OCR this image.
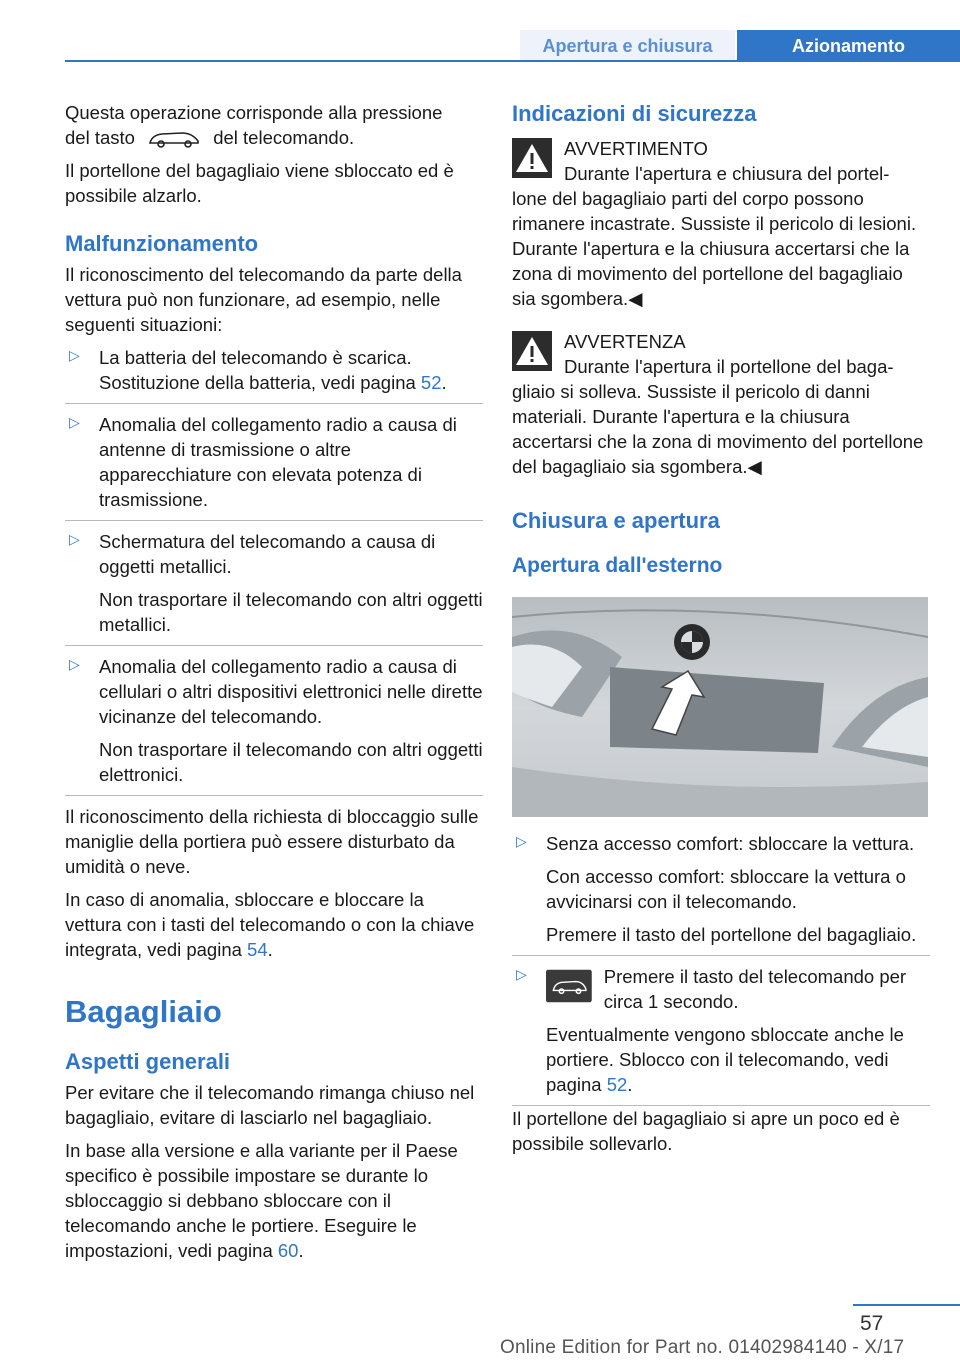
Apertura e chiusura	Azionamento

Questa operazione corrisponde alla pressione
del tasto	del telecomando.

Il portellone del bagagliaio viene sbloccato ed è possibile alzarlo.

Malfunzionamento

Il riconoscimento del telecomando da parte della vettura può non funzionare, ad esempio, nelle seguenti situazioni:

▷ La batteria del telecomando è scarica. Sostituzione della batteria, vedi pagina 52.

▷ Anomalia del collegamento radio a causa di antenne di trasmissione o altre apparecchiature con elevata potenza di trasmissione.

▷ Schermatura del telecomando a causa di oggetti metallici.

Non trasportare il telecomando con altri oggetti metallici.

▷ Anomalia del collegamento radio a causa di cellulari o altri dispositivi elettronici nelle dirette vicinanze del telecomando.

Non trasportare il telecomando con altri oggetti elettronici.

Il riconoscimento della richiesta di bloccaggio sulle maniglie della portiera può essere disturbato da umidità o neve.

In caso di anomalia, sbloccare e bloccare la vettura con i tasti del telecomando o con la chiave integrata, vedi pagina 54.

Bagagliaio
Aspetti generali

Per evitare che il telecomando rimanga chiuso nel bagagliaio, evitare di lasciarlo nel bagagliaio.

In base alla versione e alla variante per il Paese specifico è possibile impostare se durante lo sbloccaggio si debbano sbloccare con il telecomando anche le portiere. Eseguire le impostazioni, vedi pagina 60.

Indicazioni di sicurezza

AVVERTIMENTO

Durante l'apertura e chiusura del portel-

lone del bagagliaio parti del corpo possono rimanere incastrate. Sussiste il pericolo di lesioni. Durante l'apertura e la chiusura accertarsi che la zona di movimento del portellone del bagagliaio sia sgombera.◀

AVVERTENZA

Durante l'apertura il portellone del baga-

gliaio si solleva. Sussiste il pericolo di danni materiali. Durante l'apertura e la chiusura accertarsi che la zona di movimento del portellone del bagagliaio sia sgombera.◀

Chiusura e apertura
Apertura dall'esterno
▷ Senza accesso comfort: sbloccare la vettura.

Con accesso comfort: sbloccare la vettura o avvicinarsi con il telecomando.

Premere il tasto del portellone del bagagliaio.

▷	Premere il tasto del telecomando per circa 1 secondo.

Eventualmente vengono sbloccate anche le portiere. Sblocco con il telecomando, vedi pagina 52.

Il portellone del bagagliaio si apre un poco ed è possibile sollevarlo.

57
Online Edition for Part no. 01402984140 - X/17
